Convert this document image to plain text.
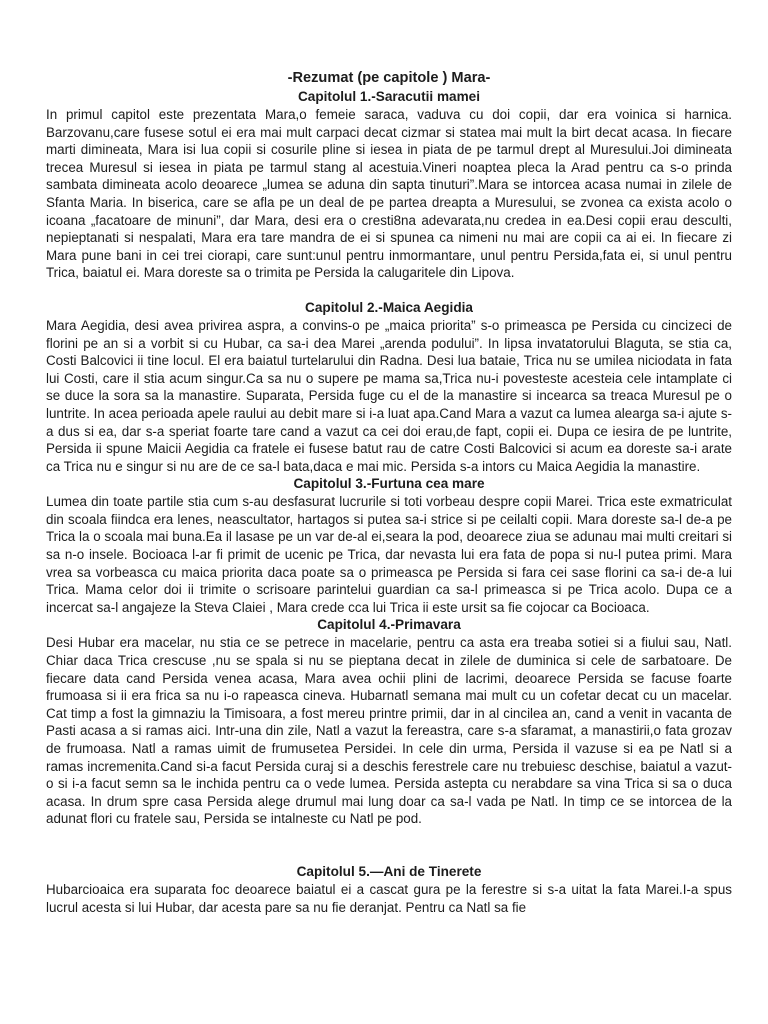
-Rezumat (pe capitole ) Mara-
Capitolul 1.-Saracutii mamei

In primul capitol este prezentata Mara,o femeie saraca, vaduva cu doi copii, dar era voinica si harnica. Barzovanu,care fusese sotul ei era mai mult carpaci decat cizmar si statea mai mult la birt decat acasa. In fiecare marti dimineata, Mara isi lua copii si cosurile pline si iesea in piata de pe tarmul drept al Muresului.Joi dimineata trecea Muresul si iesea in piata pe tarmul stang al acestuia.Vineri noaptea pleca la Arad pentru ca s-o prinda sambata dimineata acolo deoarece „lumea se aduna din sapta tinuturi”.Mara se intorcea acasa numai in zilele de Sfanta Maria. In biserica, care se afla pe un deal de pe partea dreapta a Muresului, se zvonea ca exista acolo o icoana „facatoare de minuni”, dar Mara, desi era o cresti8na adevarata,nu credea in ea.Desi copii erau desculti, nepieptanati si nespalati, Mara era tare mandra de ei si spunea ca nimeni nu mai are copii ca ai ei. In fiecare zi Mara pune bani in cei trei ciorapi, care sunt:unul pentru inmormantare, unul pentru Persida,fata ei, si unul pentru Trica, baiatul ei. Mara doreste sa o trimita pe Persida la calugaritele din Lipova.

Capitolul 2.-Maica Aegidia

Mara Aegidia, desi avea privirea aspra, a convins-o pe „maica priorita” s-o primeasca pe Persida cu cincizeci de florini pe an si a vorbit si cu Hubar, ca sa-i dea Marei „arenda podului”. In lipsa invatatorului Blaguta, se stia ca, Costi Balcovici ii tine locul. El era baiatul turtelarului din Radna. Desi lua bataie, Trica nu se umilea niciodata in fata lui Costi, care il stia acum singur.Ca sa nu o supere pe mama sa,Trica nu-i povesteste acesteia cele intamplate ci se duce la sora sa la manastire. Suparata, Persida fuge cu el de la manastire si incearca sa treaca Muresul pe o luntrite. In acea perioada apele raului au debit mare si i-a luat apa.Cand Mara a vazut ca lumea alearga sa-i ajute s-a dus si ea, dar s-a speriat foarte tare cand a vazut ca cei doi erau,de fapt, copii ei. Dupa ce iesira de pe luntrite, Persida ii spune Maicii Aegidia ca fratele ei fusese batut rau de catre Costi Balcovici si acum ea doreste sa-i arate ca Trica nu e singur si nu are de ce sa-l bata,daca e mai mic. Persida s-a intors cu Maica Aegidia la manastire.

Capitolul 3.-Furtuna cea mare

Lumea din toate partile stia cum s-au desfasurat lucrurile si toti vorbeau despre copii Marei. Trica este exmatriculat din scoala fiindca era lenes, neascultator, hartagos si putea sa-i strice si pe ceilalti copii. Mara doreste sa-l de-a pe Trica la o scoala mai buna.Ea il lasase pe un var de-al ei,seara la pod, deoarece ziua se adunau mai multi creitari si sa n-o insele. Bocioaca l-ar fi primit de ucenic pe Trica, dar nevasta lui era fata de popa si nu-l putea primi. Mara vrea sa vorbeasca cu maica priorita daca poate sa o primeasca pe Persida si fara cei sase florini ca sa-i de-a lui Trica. Mama celor doi ii trimite o scrisoare parintelui guardian ca sa-l primeasca si pe Trica acolo. Dupa ce a incercat sa-l angajeze la Steva Claiei , Mara crede cca lui Trica ii este ursit sa fie cojocar ca Bocioaca.

Capitolul 4.-Primavara

Desi Hubar era macelar, nu stia ce se petrece in macelarie, pentru ca asta era treaba sotiei si a fiului sau, Natl. Chiar daca Trica crescuse ,nu se spala si nu se pieptana decat in zilele de duminica si cele de sarbatoare. De fiecare data cand Persida venea acasa, Mara avea ochii plini de lacrimi, deoarece Persida se facuse foarte frumoasa si ii era frica sa nu i-o rapeasca cineva. Hubarnatl semana mai mult cu un cofetar decat cu un macelar. Cat timp a fost la gimnaziu la Timisoara, a fost mereu printre primii, dar in al cincilea an, cand a venit in vacanta de Pasti acasa a si ramas aici. Intr-una din zile, Natl a vazut la fereastra, care s-a sfaramat, a manastirii,o fata grozav de frumoasa. Natl a ramas uimit de frumusetea Persidei. In cele din urma, Persida il vazuse si ea pe Natl si a ramas incremenita.Cand si-a facut Persida curaj si a deschis ferestrele care nu trebuiesc deschise, baiatul a vazut-o si i-a facut semn sa le inchida pentru ca o vede lumea. Persida astepta cu nerabdare sa vina Trica si sa o duca acasa. In drum spre casa Persida alege drumul mai lung doar ca sa-l vada pe Natl. In timp ce se intorcea de la adunat flori cu fratele sau, Persida se intalneste cu Natl pe pod.

Capitolul 5.—Ani de Tinerete

Hubarcioaica era suparata foc deoarece baiatul ei a cascat gura pe la ferestre si s-a uitat la fata Marei.I-a spus lucrul acesta si lui Hubar, dar acesta pare sa nu fie deranjat. Pentru ca Natl sa fie
